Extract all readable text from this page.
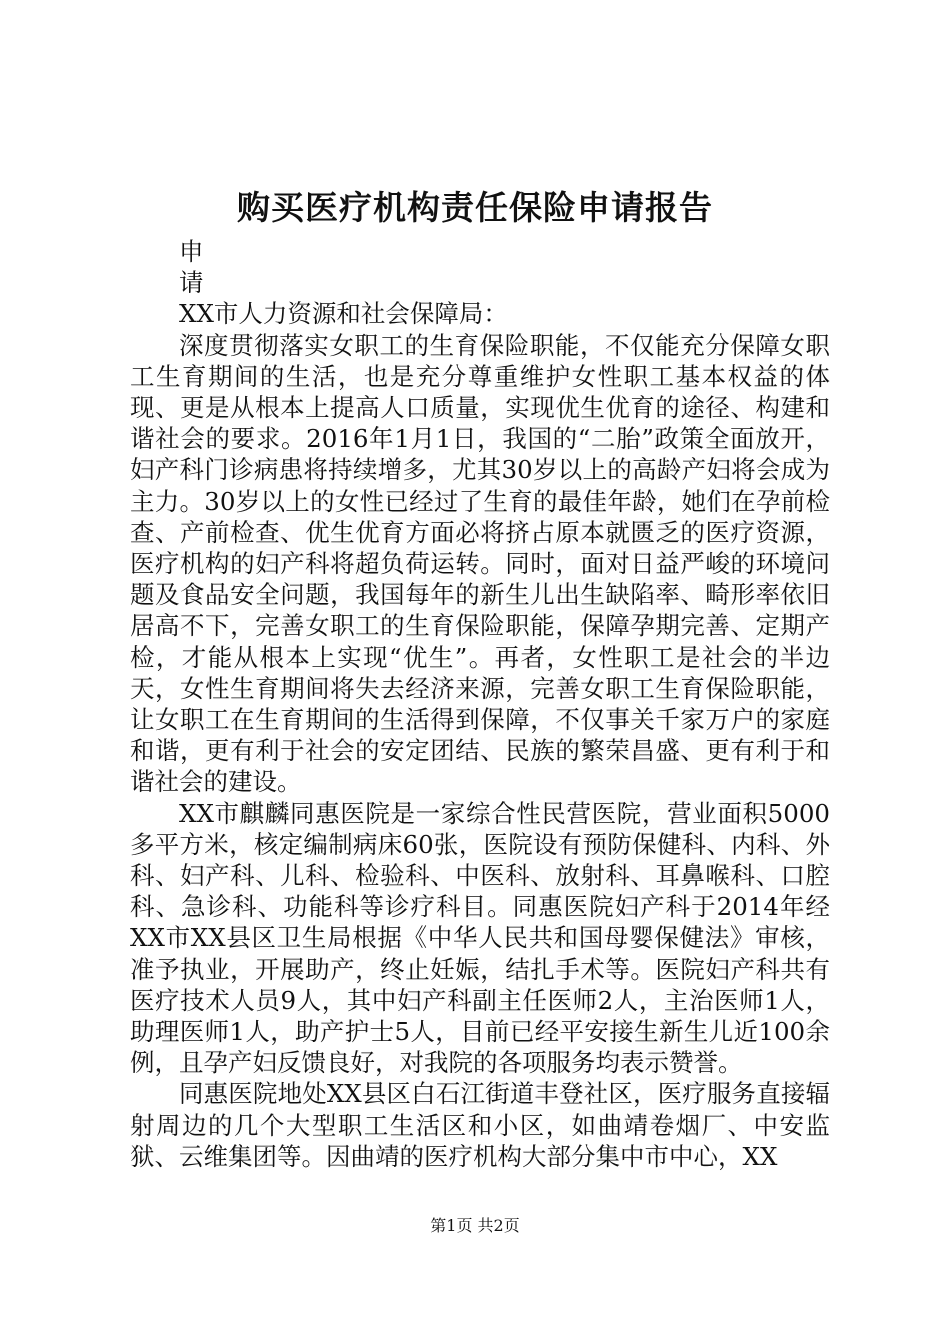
购买医疗机构责任保险申请报告

申

请

XX市人力资源和社会保障局：

深度贯彻落实女职工的生育保险职能，不仅能充分保障女职工生育期间的生活，也是充分尊重维护女性职工基本权益的体现、更是从根本上提高人口质量，实现优生优育的途径、构建和谐社会的要求。2016年1月1日，我国的“二胎”政策全面放开，妇产科门诊病患将持续增多，尤其30岁以上的高龄产妇将会成为主力。30岁以上的女性已经过了生育的最佳年龄，她们在孕前检查、产前检查、优生优育方面必将挤占原本就匮乏的医疗资源，医疗机构的妇产科将超负荷运转。同时，面对日益严峻的环境问题及食品安全问题，我国每年的新生儿出生缺陷率、畸形率依旧居高不下，完善女职工的生育保险职能，保障孕期完善、定期产检，才能从根本上实现“优生”。再者，女性职工是社会的半边天，女性生育期间将失去经济来源，完善女职工生育保险职能，让女职工在生育期间的生活得到保障，不仅事关千家万户的家庭和谐，更有利于社会的安定团结、民族的繁荣昌盛、更有利于和谐社会的建设。

XX市麒麟同惠医院是一家综合性民营医院，营业面积5000多平方米，核定编制病床60张，医院设有预防保健科、内科、外科、妇产科、儿科、检验科、中医科、放射科、耳鼻喉科、口腔科、急诊科、功能科等诊疗科目。同惠医院妇产科于2014年经XX市XX县区卫生局根据《中华人民共和国母婴保健法》审核，准予执业，开展助产，终止妊娠，结扎手术等。医院妇产科共有医疗技术人员9人，其中妇产科副主任医师2人，主治医师1人，助理医师1人，助产护士5人，目前已经平安接生新生儿近100余例，且孕产妇反馈良好，对我院的各项服务均表示赞誉。

同惠医院地处XX县区白石江街道丰登社区，医疗服务直接辐射周边的几个大型职工生活区和小区，如曲靖卷烟厂、中安监狱、云维集团等。因曲靖的医疗机构大部分集中市中心，XX

第1页 共2页
